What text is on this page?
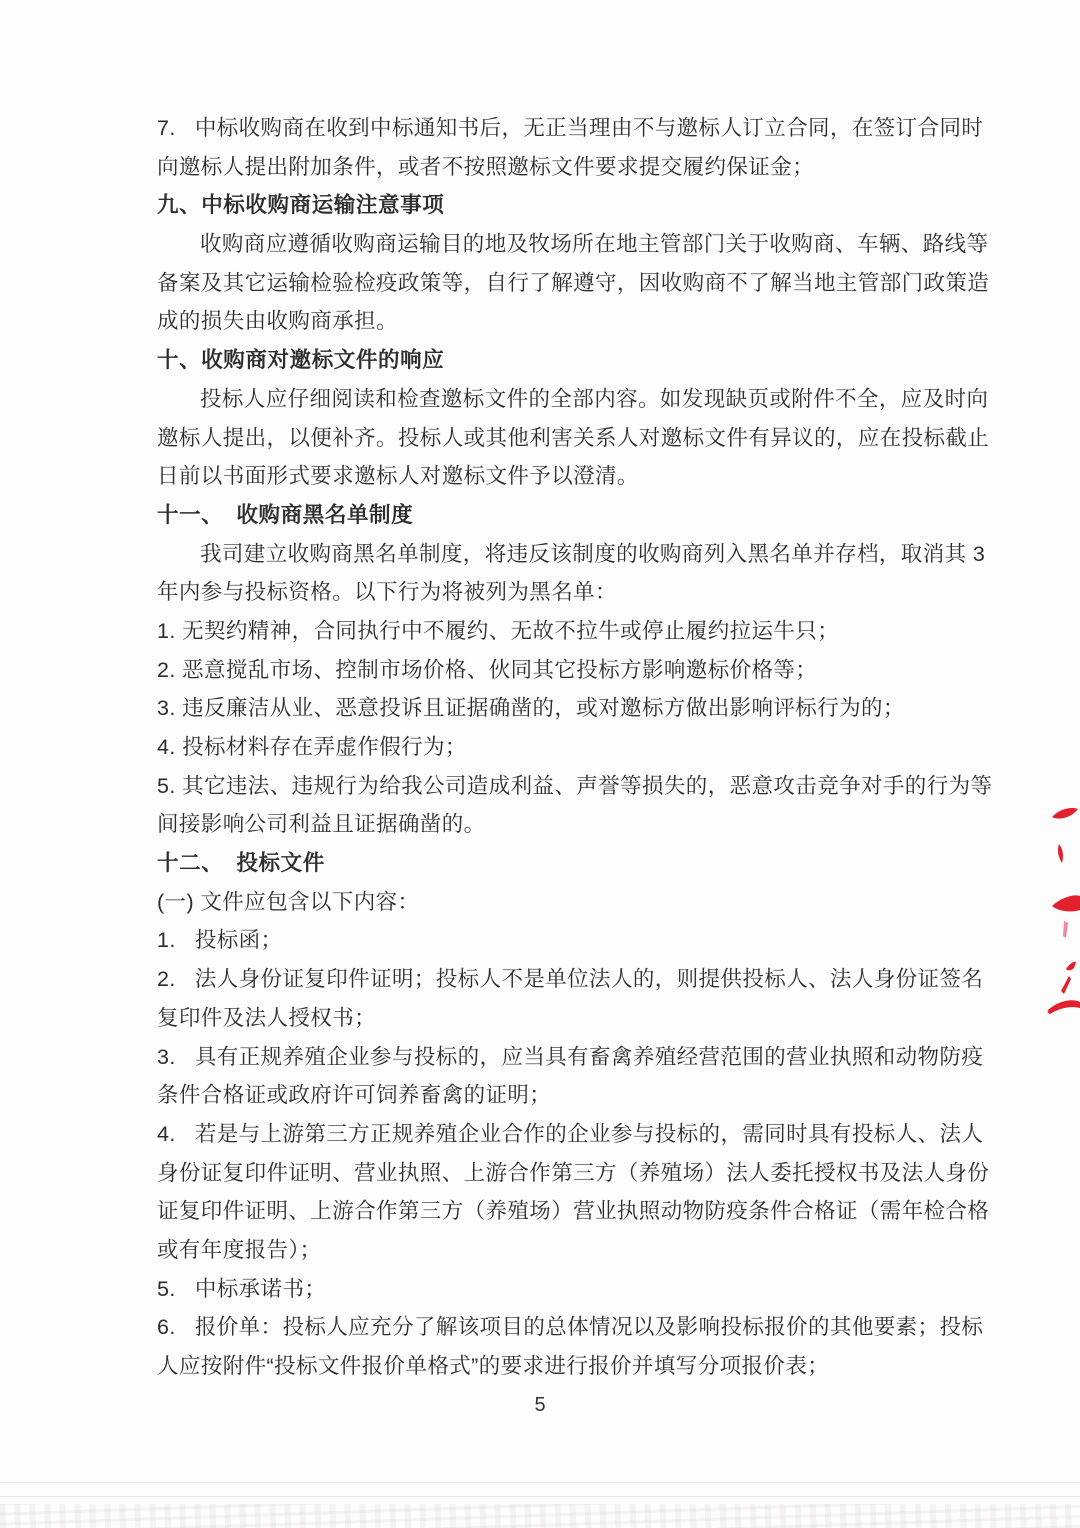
7.   中标收购商在收到中标通知书后，无正当理由不与邀标人订立合同，在签订合同时
向邀标人提出附加条件，或者不按照邀标文件要求提交履约保证金；
九、中标收购商运输注意事项
收购商应遵循收购商运输目的地及牧场所在地主管部门关于收购商、车辆、路线等
备案及其它运输检验检疫政策等，自行了解遵守，因收购商不了解当地主管部门政策造
成的损失由收购商承担。
十、收购商对邀标文件的响应
投标人应仔细阅读和检查邀标文件的全部内容。如发现缺页或附件不全，应及时向
邀标人提出，以便补齐。投标人或其他利害关系人对邀标文件有异议的，应在投标截止
日前以书面形式要求邀标人对邀标文件予以澄清。
十一、  收购商黑名单制度
我司建立收购商黑名单制度，将违反该制度的收购商列入黑名单并存档，取消其 3
年内参与投标资格。以下行为将被列为黑名单：
1. 无契约精神，合同执行中不履约、无故不拉牛或停止履约拉运牛只；
2. 恶意搅乱市场、控制市场价格、伙同其它投标方影响邀标价格等；
3. 违反廉洁从业、恶意投诉且证据确凿的，或对邀标方做出影响评标行为的；
4. 投标材料存在弄虚作假行为；
5. 其它违法、违规行为给我公司造成利益、声誉等损失的，恶意攻击竞争对手的行为等
间接影响公司利益且证据确凿的。
十二、  投标文件
(一) 文件应包含以下内容：
1.   投标函；
2.   法人身份证复印件证明；投标人不是单位法人的，则提供投标人、法人身份证签名
复印件及法人授权书；
3.   具有正规养殖企业参与投标的，应当具有畜禽养殖经营范围的营业执照和动物防疫
条件合格证或政府许可饲养畜禽的证明；
4.   若是与上游第三方正规养殖企业合作的企业参与投标的，需同时具有投标人、法人
身份证复印件证明、营业执照、上游合作第三方（养殖场）法人委托授权书及法人身份
证复印件证明、上游合作第三方（养殖场）营业执照动物防疫条件合格证（需年检合格
或有年度报告）；
5.   中标承诺书；
6.   报价单：投标人应充分了解该项目的总体情况以及影响投标报价的其他要素；投标
人应按附件“投标文件报价单格式”的要求进行报价并填写分项报价表；
5
